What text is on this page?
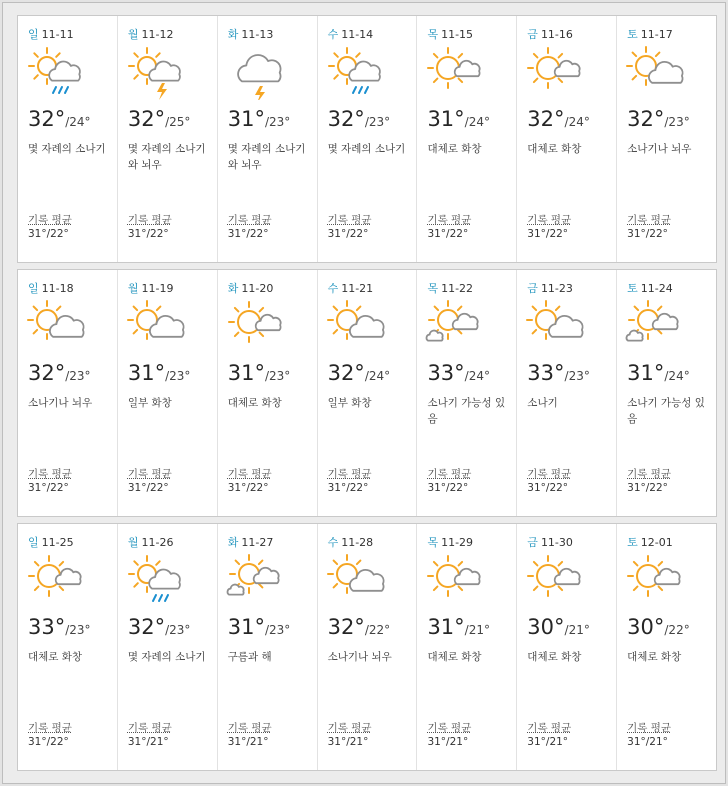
일 11-11
32°/24°
몇 자례의 소나기
기록 평균
31°/22°
월 11-12
32°/25°
몇 자례의 소나기와 뇌우
기록 평균
31°/22°
화 11-13
31°/23°
몇 자례의 소나기와 뇌우
기록 평균
31°/22°
수 11-14
32°/23°
몇 자례의 소나기
기록 평균
31°/22°
목 11-15
31°/24°
대체로 화창
기록 평균
31°/22°
금 11-16
32°/24°
대체로 화창
기록 평균
31°/22°
토 11-17
32°/23°
소나기나 뇌우
기록 평균
31°/22°
일 11-18
32°/23°
소나기나 뇌우
기록 평균
31°/22°
월 11-19
31°/23°
일부 화창
기록 평균
31°/22°
화 11-20
31°/23°
대체로 화창
기록 평균
31°/22°
수 11-21
32°/24°
일부 화창
기록 평균
31°/22°
목 11-22
33°/24°
소나기 가능성 있음
기록 평균
31°/22°
금 11-23
33°/23°
소나기
기록 평균
31°/22°
토 11-24
31°/24°
소나기 가능성 있음
기록 평균
31°/22°
일 11-25
33°/23°
대체로 화창
기록 평균
31°/22°
월 11-26
32°/23°
몇 자례의 소나기
기록 평균
31°/21°
화 11-27
31°/23°
구름과 해
기록 평균
31°/21°
수 11-28
32°/22°
소나기나 뇌우
기록 평균
31°/21°
목 11-29
31°/21°
대체로 화창
기록 평균
31°/21°
금 11-30
30°/21°
대체로 화창
기록 평균
31°/21°
토 12-01
30°/22°
대체로 화창
기록 평균
31°/21°
